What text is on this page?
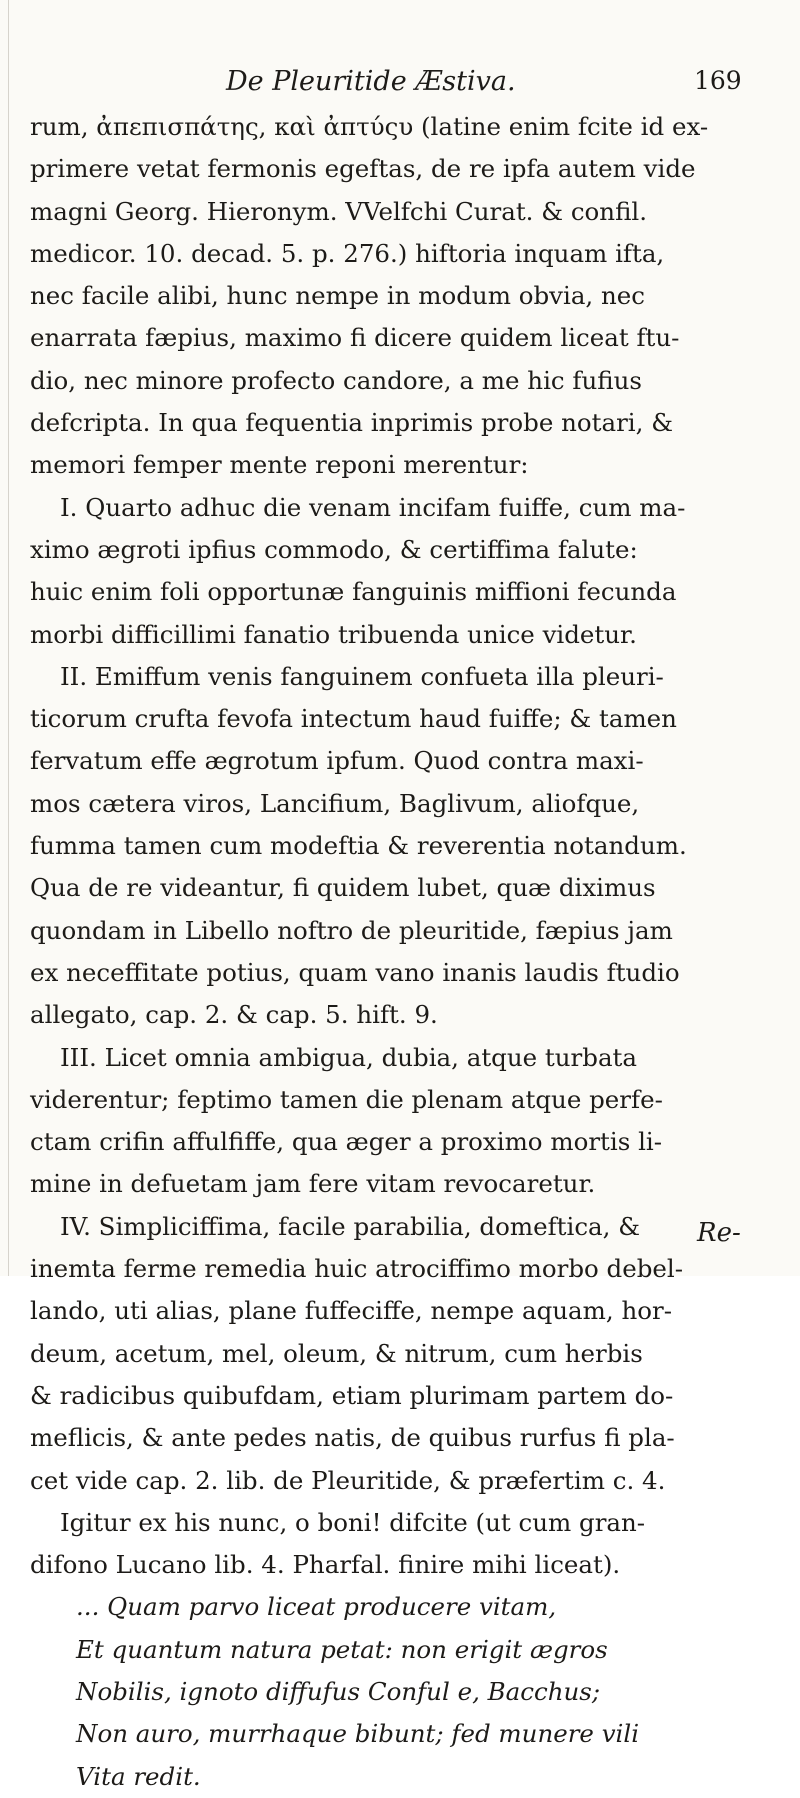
De Pleuritide Æstiva.	169
rum, ἀπεπισπάτης, καὶ ἀπτύςυ (latine enim fcite id ex-
primere vetat fermonis egeftas, de re ipfa autem vide
magni Georg. Hieronym. VVelfchi Curat. & confil.
medicor. 10. decad. 5. p. 276.) hiftoria inquam ifta,
nec facile alibi, hunc nempe in modum obvia, nec
enarrata fæpius, maximo fi dicere quidem liceat ftu-
dio, nec minore profecto candore, a me hic fufius
defcripta. In qua fequentia inprimis probe notari, &
memori femper mente reponi merentur:
I. Quarto adhuc die venam incifam fuiffe, cum ma-
ximo ægroti ipfius commodo, & certiffima falute:
huic enim foli opportunæ fanguinis miffioni fecunda
morbi difficillimi fanatio tribuenda unice videtur.
II. Emiffum venis fanguinem confueta illa pleuri-
ticorum crufta fevofa intectum haud fuiffe; & tamen
fervatum effe ægrotum ipfum. Quod contra maxi-
mos cætera viros, Lancifium, Baglivum, aliofque,
fumma tamen cum modeftia & reverentia notandum.
Qua de re videantur, fi quidem lubet, quæ diximus
quondam in Libello noftro de pleuritide, fæpius jam
ex neceffitate potius, quam vano inanis laudis ftudio
allegato, cap. 2. & cap. 5. hift. 9.
III. Licet omnia ambigua, dubia, atque turbata
viderentur; feptimo tamen die plenam atque perfe-
ctam crifin affulfiffe, qua æger a proximo mortis li-
mine in defuetam jam fere vitam revocaretur.
IV. Simpliciffima, facile parabilia, domeftica, &
inemta ferme remedia huic atrociffimo morbo debel-
lando, uti alias, plane fuffeciffe, nempe aquam, hor-
deum, acetum, mel, oleum, & nitrum, cum herbis
& radicibus quibufdam, etiam plurimam partem do-
meflicis, & ante pedes natis, de quibus rurfus fi pla-
cet vide cap. 2. lib. de Pleuritide, & præfertim c. 4.
Igitur ex his nunc, o boni! difcite (ut cum gran-
difono Lucano lib. 4. Pharfal. finire mihi liceat).
... Quam parvo liceat producere vitam,
Et quantum natura petat: non erigit ægros
Nobilis, ignoto diffufus Conful e, Bacchus;
Non auro, murrhaque bibunt; fed munere vili
Vita redit.
Re-
